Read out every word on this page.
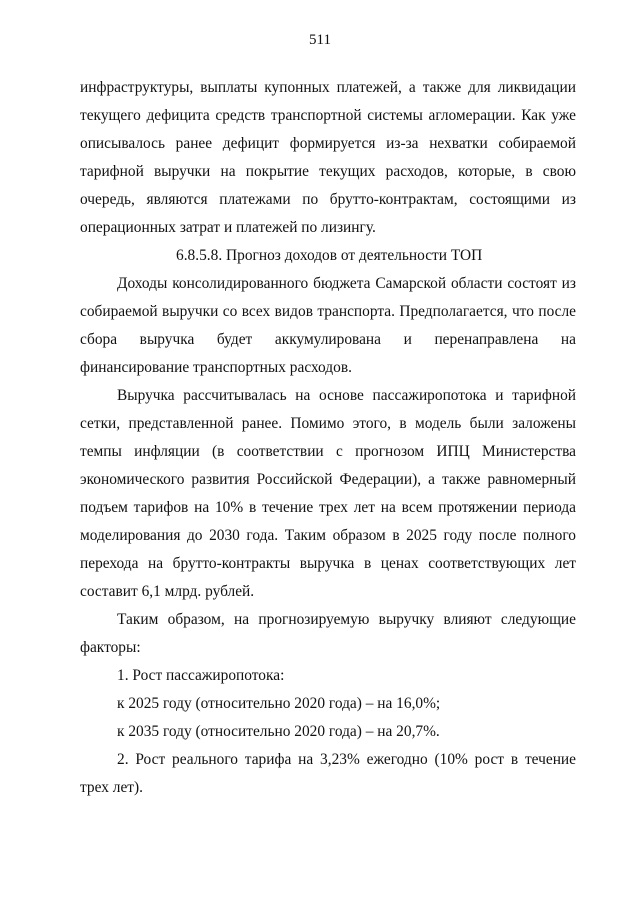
511

инфраструктуры, выплаты купонных платежей, а также для ликвидации текущего дефицита средств транспортной системы агломерации. Как уже описывалось ранее дефицит формируется из-за нехватки собираемой тарифной выручки на покрытие текущих расходов, которые, в свою очередь, являются платежами по брутто-контрактам, состоящими из операционных затрат и платежей по лизингу.

6.8.5.8. Прогноз доходов от деятельности ТОП

Доходы консолидированного бюджета Самарской области состоят из собираемой выручки со всех видов транспорта. Предполагается, что после сбора выручка будет аккумулирована и перенаправлена на финансирование транспортных расходов.

Выручка рассчитывалась на основе пассажиропотока и тарифной сетки, представленной ранее. Помимо этого, в модель были заложены темпы инфляции (в соответствии с прогнозом ИПЦ Министерства экономического развития Российской Федерации), а также равномерный подъем тарифов на 10% в течение трех лет на всем протяжении периода моделирования до 2030 года. Таким образом в 2025 году после полного перехода на брутто-контракты выручка в ценах соответствующих лет составит 6,1 млрд. рублей.

Таким образом, на прогнозируемую выручку влияют следующие факторы:

1. Рост пассажиропотока:

к 2025 году (относительно 2020 года) – на 16,0%;

к 2035 году (относительно 2020 года) – на 20,7%.

2. Рост реального тарифа на 3,23% ежегодно (10% рост в течение трех лет).
